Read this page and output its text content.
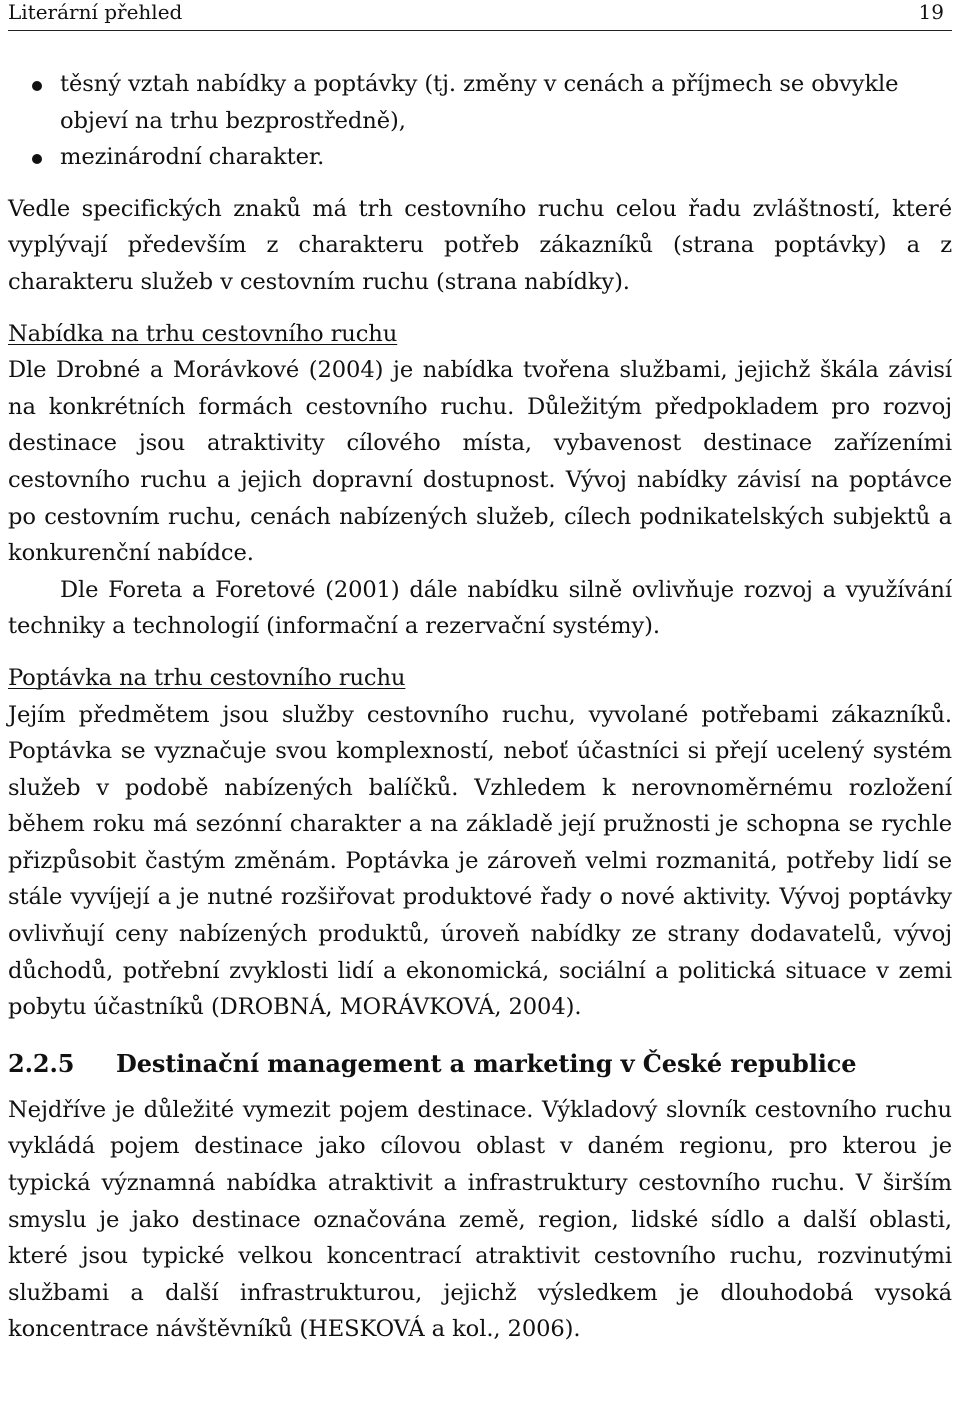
Literární přehled	19
těsný vztah nabídky a poptávky (tj. změny v cenách a příjmech se obvykle objeví na trhu bezprostředně),
mezinárodní charakter.

Vedle specifických znaků má trh cestovního ruchu celou řadu zvláštností, které vyplývají především z charakteru potřeb zákazníků (strana poptávky) a z charakteru služeb v cestovním ruchu (strana nabídky).

Nabídka na trhu cestovního ruchu

Dle Drobné a Morávkové (2004) je nabídka tvořena službami, jejichž škála závisí na konkrétních formách cestovního ruchu. Důležitým předpokladem pro rozvoj destinace jsou atraktivity cílového místa, vybavenost destinace zařízeními cestovního ruchu a jejich dopravní dostupnost. Vývoj nabídky závisí na poptávce po cestovním ruchu, cenách nabízených služeb, cílech podnikatelských subjektů a konkurenční nabídce.

Dle Foreta a Foretové (2001) dále nabídku silně ovlivňuje rozvoj a využívání techniky a technologií (informační a rezervační systémy).

Poptávka na trhu cestovního ruchu

Jejím předmětem jsou služby cestovního ruchu, vyvolané potřebami zákazníků. Poptávka se vyznačuje svou komplexností, neboť účastníci si přejí ucelený systém služeb v podobě nabízených balíčků. Vzhledem k nerovnoměrnému rozložení během roku má sezónní charakter a na základě její pružnosti je schopna se rychle přizpůsobit častým změnám. Poptávka je zároveň velmi rozmanitá, potřeby lidí se stále vyvíjejí a je nutné rozšiřovat produktové řady o nové aktivity. Vývoj poptávky ovlivňují ceny nabízených produktů, úroveň nabídky ze strany dodavatelů, vývoj důchodů, potřební zvyklosti lidí a ekonomická, sociální a politická situace v zemi pobytu účastníků (DROBNÁ, MORÁVKOVÁ, 2004).

2.2.5	Destinační management a marketing v České republice

Nejdříve je důležité vymezit pojem destinace. Výkladový slovník cestovního ruchu vykládá pojem destinace jako cílovou oblast v daném regionu, pro kterou je typická významná nabídka atraktivit a infrastruktury cestovního ruchu. V širším smyslu je jako destinace označována země, region, lidské sídlo a další oblasti, které jsou typické velkou koncentrací atraktivit cestovního ruchu, rozvinutými službami a další infrastrukturou, jejichž výsledkem je dlouhodobá vysoká koncentrace návštěvníků (HESKOVÁ a kol., 2006).
